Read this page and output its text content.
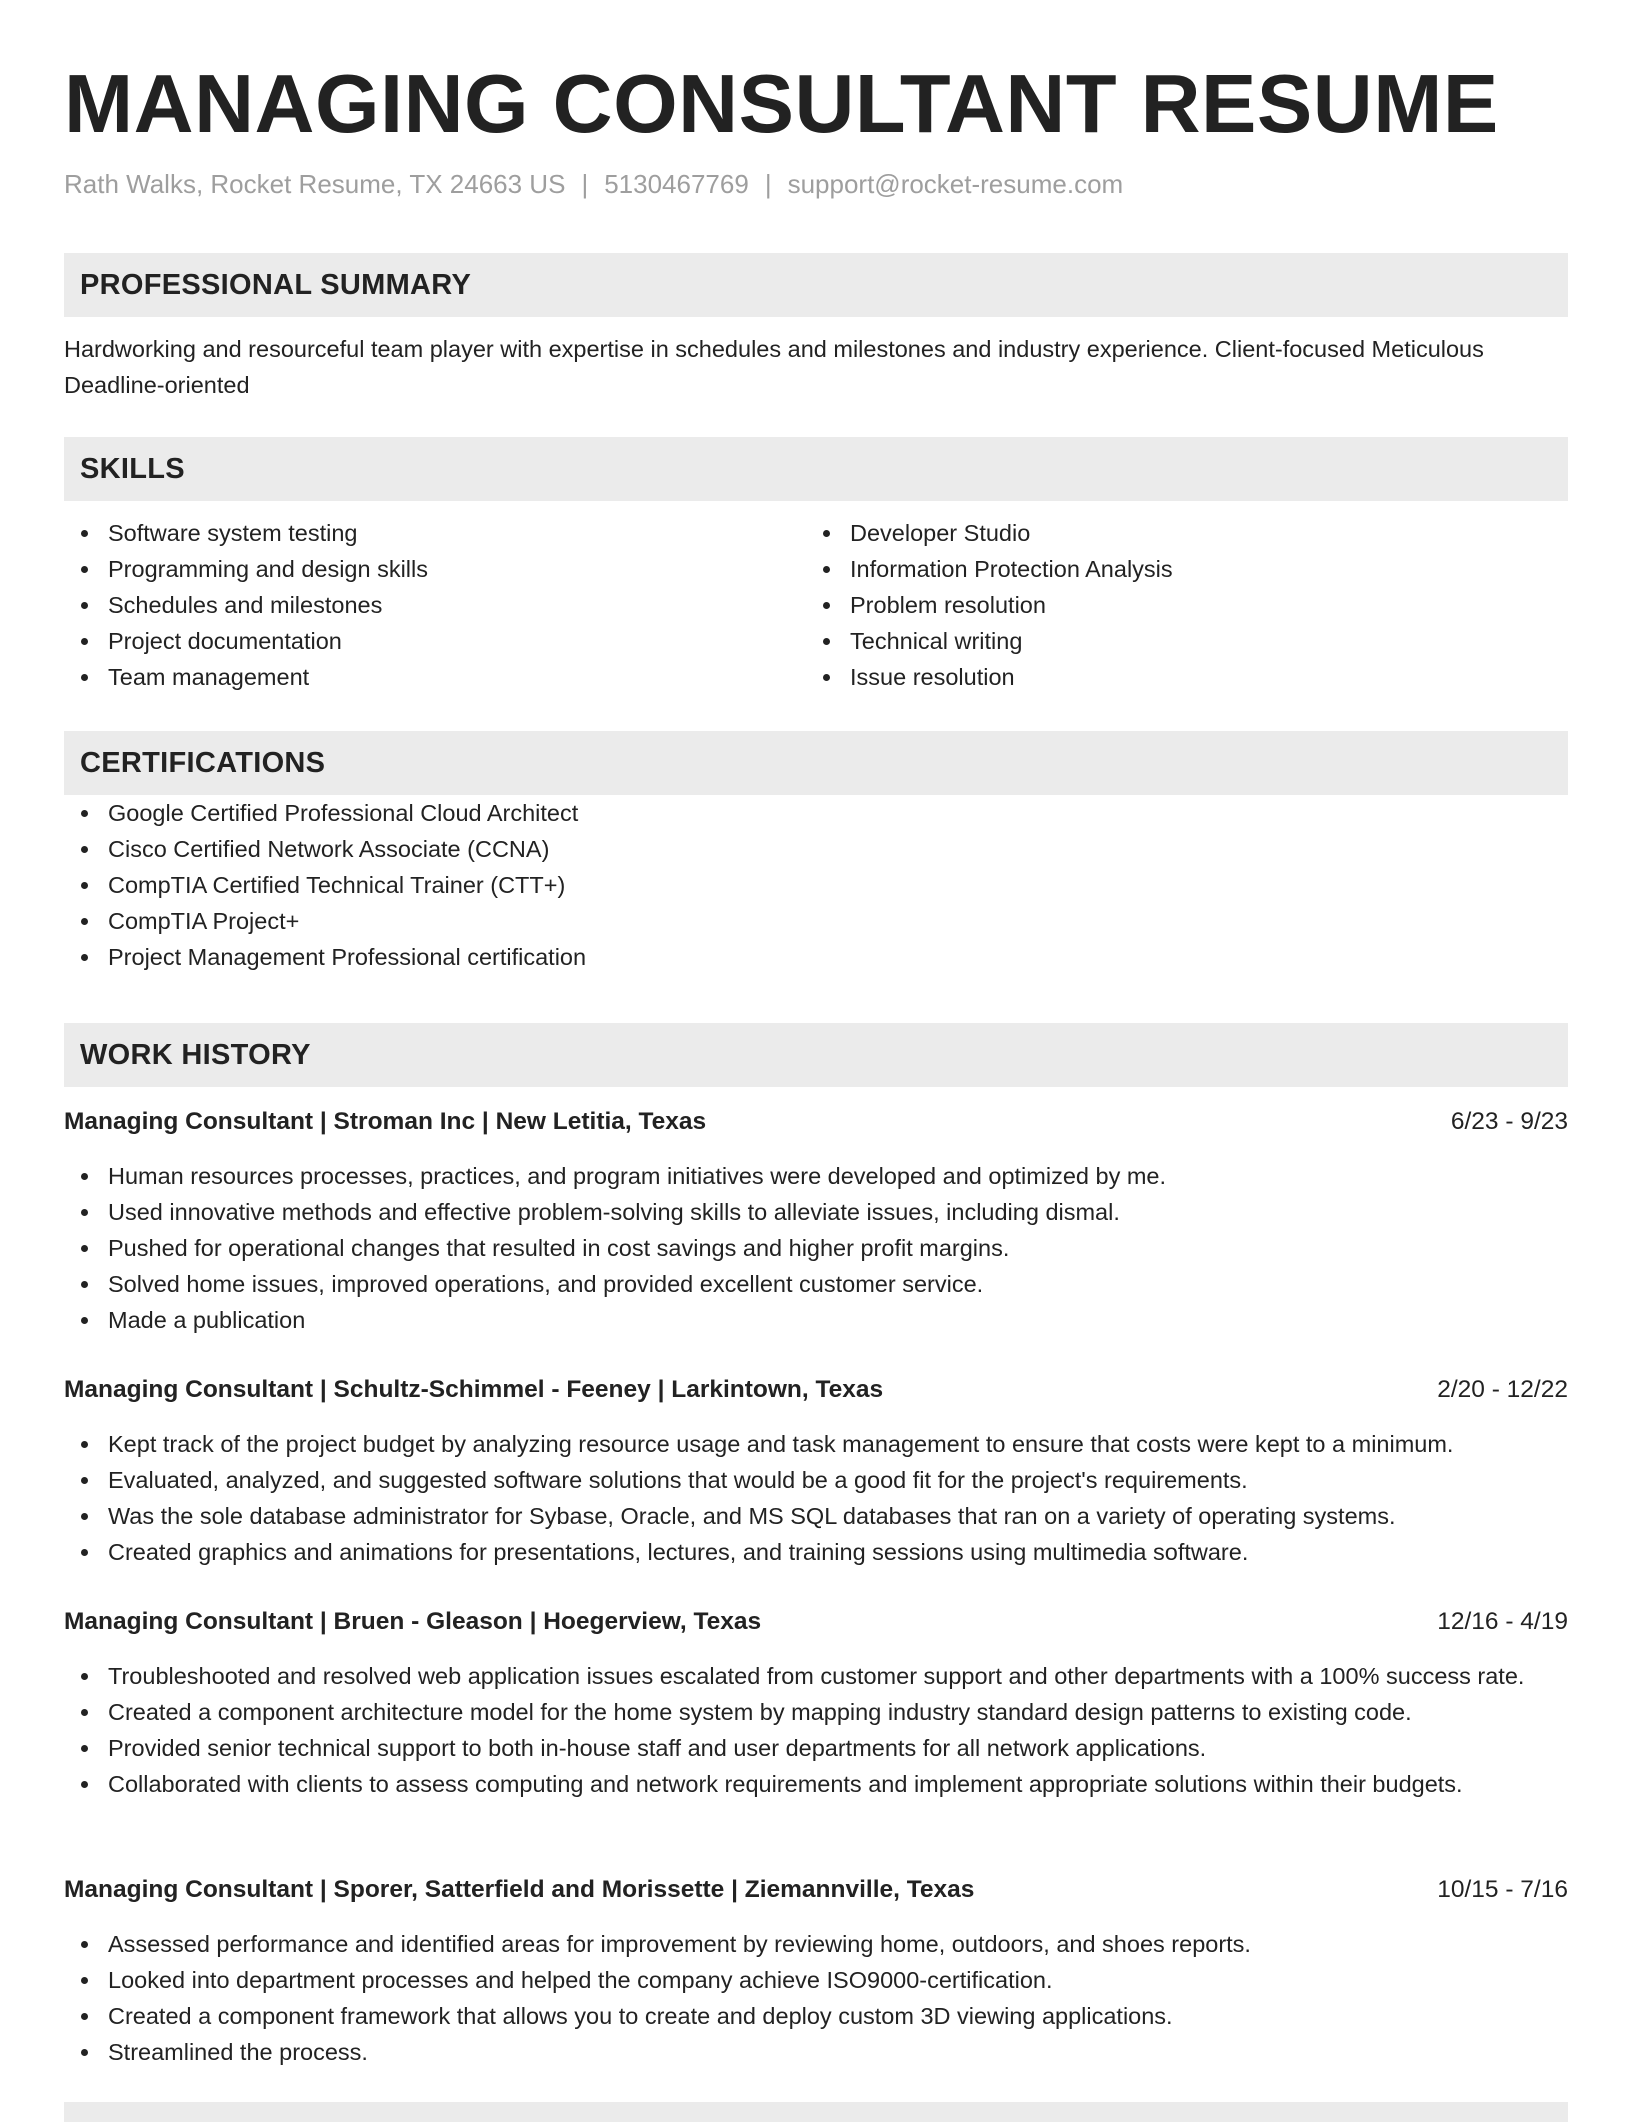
MANAGING CONSULTANT RESUME
Rath Walks, Rocket Resume, TX 24663 US | 5130467769 | support@rocket-resume.com
PROFESSIONAL SUMMARY
Hardworking and resourceful team player with expertise in schedules and milestones and industry experience. Client-focused Meticulous Deadline-oriented
SKILLS
Software system testing
Programming and design skills
Schedules and milestones
Project documentation
Team management
Developer Studio
Information Protection Analysis
Problem resolution
Technical writing
Issue resolution
CERTIFICATIONS
Google Certified Professional Cloud Architect
Cisco Certified Network Associate (CCNA)
CompTIA Certified Technical Trainer (CTT+)
CompTIA Project+
Project Management Professional certification
WORK HISTORY
Managing Consultant | Stroman Inc | New Letitia, Texas	6/23 - 9/23
Human resources processes, practices, and program initiatives were developed and optimized by me.
Used innovative methods and effective problem-solving skills to alleviate issues, including dismal.
Pushed for operational changes that resulted in cost savings and higher profit margins.
Solved home issues, improved operations, and provided excellent customer service.
Made a publication
Managing Consultant | Schultz-Schimmel - Feeney | Larkintown, Texas	2/20 - 12/22
Kept track of the project budget by analyzing resource usage and task management to ensure that costs were kept to a minimum.
Evaluated, analyzed, and suggested software solutions that would be a good fit for the project's requirements.
Was the sole database administrator for Sybase, Oracle, and MS SQL databases that ran on a variety of operating systems.
Created graphics and animations for presentations, lectures, and training sessions using multimedia software.
Managing Consultant | Bruen - Gleason | Hoegerview, Texas	12/16 - 4/19
Troubleshooted and resolved web application issues escalated from customer support and other departments with a 100% success rate.
Created a component architecture model for the home system by mapping industry standard design patterns to existing code.
Provided senior technical support to both in-house staff and user departments for all network applications.
Collaborated with clients to assess computing and network requirements and implement appropriate solutions within their budgets.
Managing Consultant | Sporer, Satterfield and Morissette | Ziemannville, Texas	10/15 - 7/16
Assessed performance and identified areas for improvement by reviewing home, outdoors, and shoes reports.
Looked into department processes and helped the company achieve ISO9000-certification.
Created a component framework that allows you to create and deploy custom 3D viewing applications.
Streamlined the process.
